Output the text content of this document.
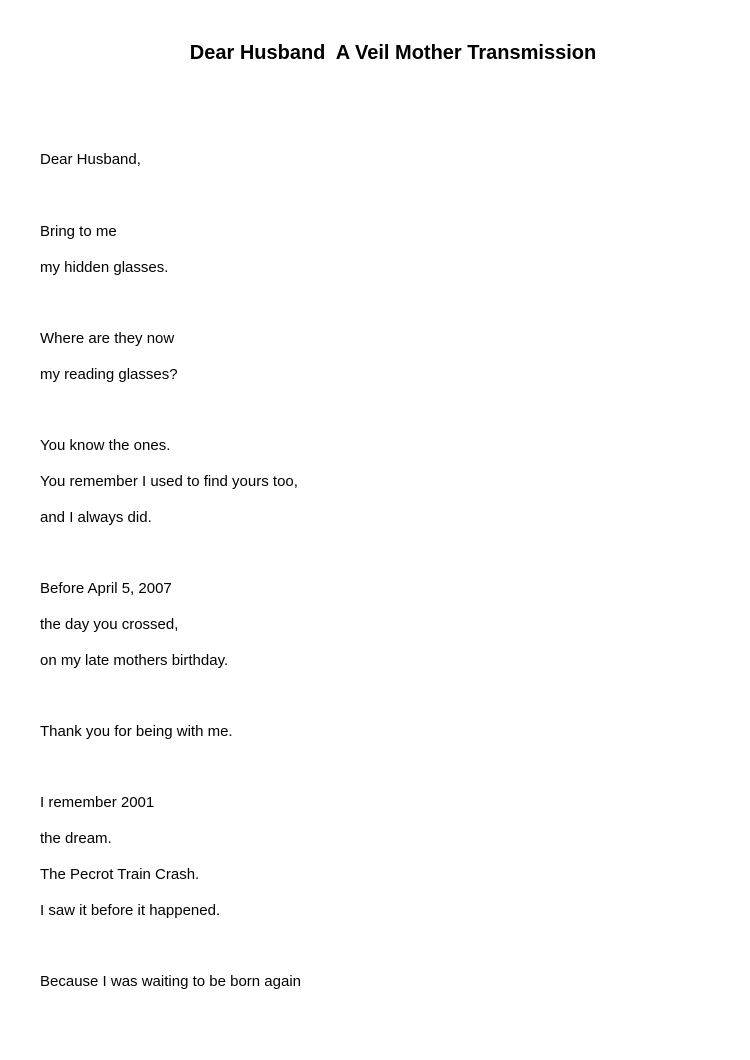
Dear Husband  A Veil Mother Transmission

Dear Husband,

Bring to me

my hidden glasses.

Where are they now

my reading glasses?

You know the ones.

You remember I used to find yours too,

and I always did.

Before April 5, 2007

the day you crossed,

on my late mothers birthday.

Thank you for being with me.

I remember 2001

the dream.

The Pecrot Train Crash.

I saw it before it happened.

Because I was waiting to be born again
